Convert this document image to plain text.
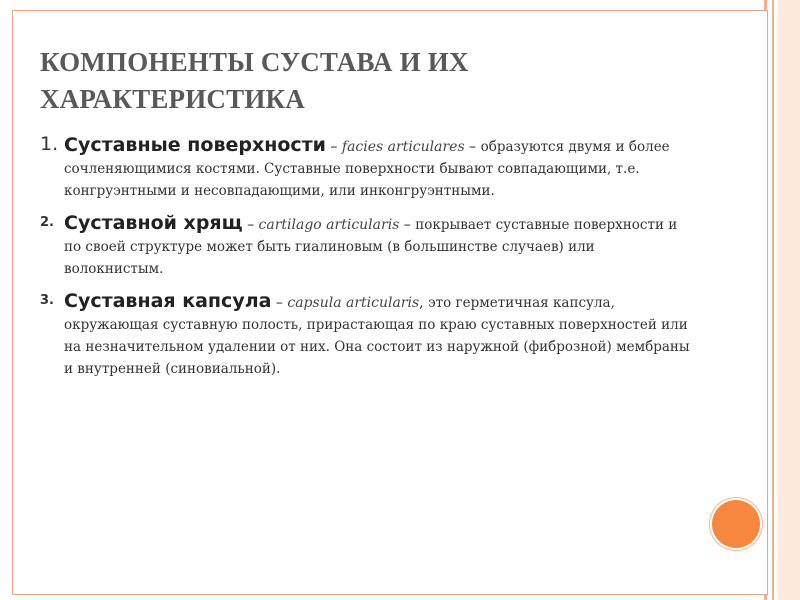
КОМПОНЕНТЫ СУСТАВА И ИХ ХАРАКТЕРИСТИКА
1. Суставные поверхности – facies articulares – образуются двумя и более сочленяющимися костями. Суставные поверхности бывают совпадающими, т.е. конгруэнтными и несовпадающими, или инконгруэнтными.
2. Суставной хрящ – cartilago articularis – покрывает суставные поверхности и по своей структуре может быть гиалиновым (в большинстве случаев) или волокнистым.
3. Суставная капсула – capsula articularis, это герметичная капсула, окружающая суставную полость, прирастающая по краю суставных поверхностей или на незначительном удалении от них. Она состоит из наружной (фиброзной) мембраны и внутренней (синовиальной).
